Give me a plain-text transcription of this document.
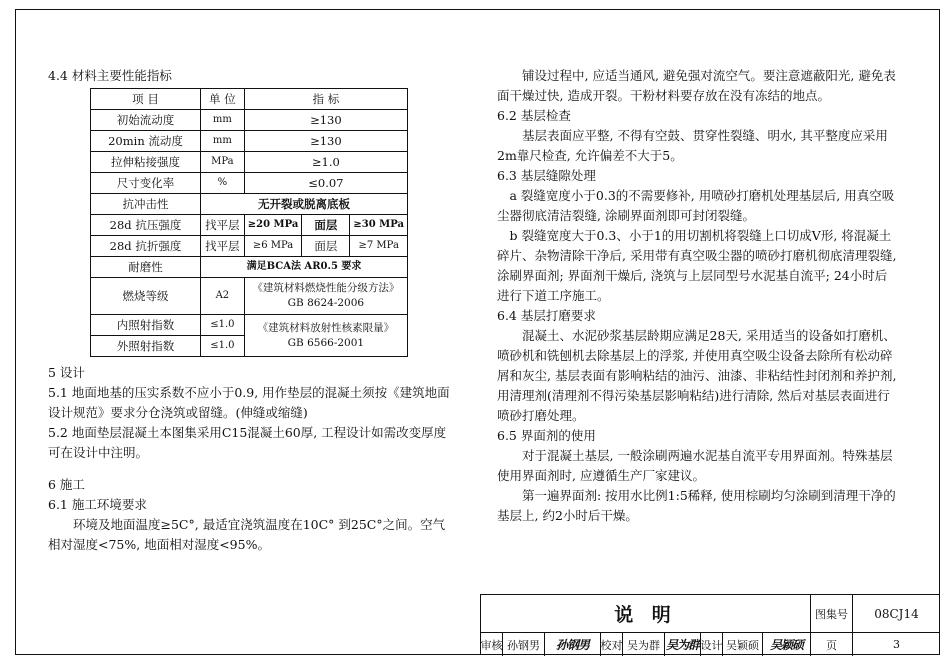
4.4 材料主要性能指标

项 目	单 位	指 标		
初始流动度	mm	≥130		
20min 流动度	mm	≥130		
拉伸粘接强度	MPa	≥1.0		
尺寸变化率	%	≤0.07		
抗冲击性	无开裂或脱离底板			
28d 抗压强度	找平层	≥20 MPa	面层	≥30 MPa
28d 抗折强度	找平层	≥6 MPa	面层	≥7 MPa
耐磨性	满足BCA法 AR0.5 要求			
燃烧等级	A2	《建筑材料燃烧性能分级方法》
GB 8624-2006		

内照射指数	≤1.0	《建筑材料放射性核素限量》
GB 6566-2001		

外照射指数	≤1.0			

5 设计

5.1 地面地基的压实系数不应小于0.9, 用作垫层的混凝土须按《建筑地面设计规范》要求分仓浇筑或留缝。(伸缝或缩缝)

5.2 地面垫层混凝土本图集采用C15混凝土60厚, 工程设计如需改变厚度可在设计中注明。

6 施工

6.1 施工环境要求

环境及地面温度≥5C°, 最适宜浇筑温度在10C° 到25C°之间。空气相对湿度<75%, 地面相对湿度<95%。

铺设过程中, 应适当通风, 避免强对流空气。要注意遮蔽阳光, 避免表面干燥过快, 造成开裂。干粉材料要存放在没有冻结的地点。

6.2 基层检查

基层表面应平整, 不得有空鼓、贯穿性裂缝、明水, 其平整度应采用2m靠尺检查, 允许偏差不大于5。

6.3 基层缝隙处理

a 裂缝宽度小于0.3的不需要修补, 用喷砂打磨机处理基层后, 用真空吸尘器彻底清洁裂缝, 涂刷界面剂即可封闭裂缝。

b 裂缝宽度大于0.3、小于1的用切割机将裂缝上口切成V形, 将混凝土碎片、杂物清除干净后, 采用带有真空吸尘器的喷砂打磨机彻底清理裂缝, 涂刷界面剂; 界面剂干燥后, 浇筑与上层同型号水泥基自流平; 24小时后进行下道工序施工。

6.4 基层打磨要求

混凝土、水泥砂浆基层龄期应满足28天, 采用适当的设备如打磨机、喷砂机和铣刨机去除基层上的浮浆, 并使用真空吸尘设备去除所有松动碎屑和灰尘, 基层表面有影响粘结的油污、油漆、非粘结性封闭剂和养护剂, 用清理剂(清理剂不得污染基层影响粘结)进行清除, 然后对基层表面进行喷砂打磨处理。

6.5 界面剂的使用

对于混凝土基层, 一般涂刷两遍水泥基自流平专用界面剂。特殊基层使用界面剂时, 应遵循生产厂家建议。

第一遍界面剂: 按用水比例1:5稀释, 使用棕刷均匀涂刷到清理干净的基层上, 约2小时后干燥。

说 明	图集号	08CJ14
审核 孙钢男	孙钢男	校对 吴为群 吴为群 设计 吴颖硕 吴颖硕	页	3
